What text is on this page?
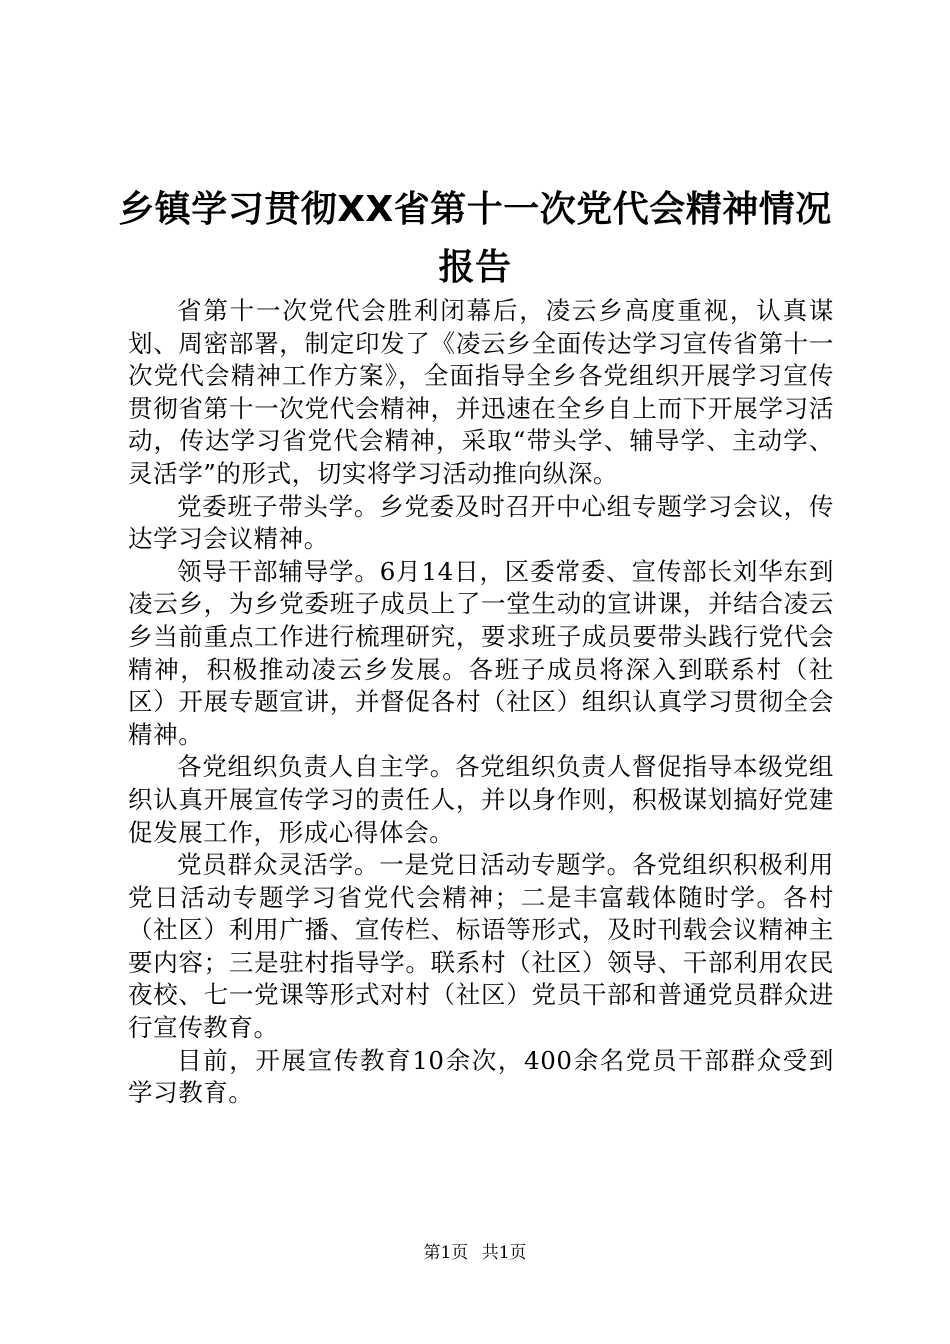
乡镇学习贯彻XX省第十一次党代会精神情况
报告

省第十一次党代会胜利闭幕后，凌云乡高度重视，认真谋划、周密部署，制定印发了《凌云乡全面传达学习宣传省第十一次党代会精神工作方案》，全面指导全乡各党组织开展学习宣传贯彻省第十一次党代会精神，并迅速在全乡自上而下开展学习活动，传达学习省党代会精神，采取“带头学、辅导学、主动学、灵活学”的形式，切实将学习活动推向纵深。

党委班子带头学。乡党委及时召开中心组专题学习会议，传达学习会议精神。

领导干部辅导学。6月14日，区委常委、宣传部长刘华东到凌云乡，为乡党委班子成员上了一堂生动的宣讲课，并结合凌云乡当前重点工作进行梳理研究，要求班子成员要带头践行党代会精神，积极推动凌云乡发展。各班子成员将深入到联系村（社区）开展专题宣讲，并督促各村（社区）组织认真学习贯彻全会精神。

各党组织负责人自主学。各党组织负责人督促指导本级党组织认真开展宣传学习的责任人，并以身作则，积极谋划搞好党建促发展工作，形成心得体会。

党员群众灵活学。一是党日活动专题学。各党组织积极利用党日活动专题学习省党代会精神；二是丰富载体随时学。各村（社区）利用广播、宣传栏、标语等形式，及时刊载会议精神主要内容；三是驻村指导学。联系村（社区）领导、干部利用农民夜校、七一党课等形式对村（社区）党员干部和普通党员群众进行宣传教育。

目前，开展宣传教育10余次，400余名党员干部群众受到学习教育。

第1页 共1页
